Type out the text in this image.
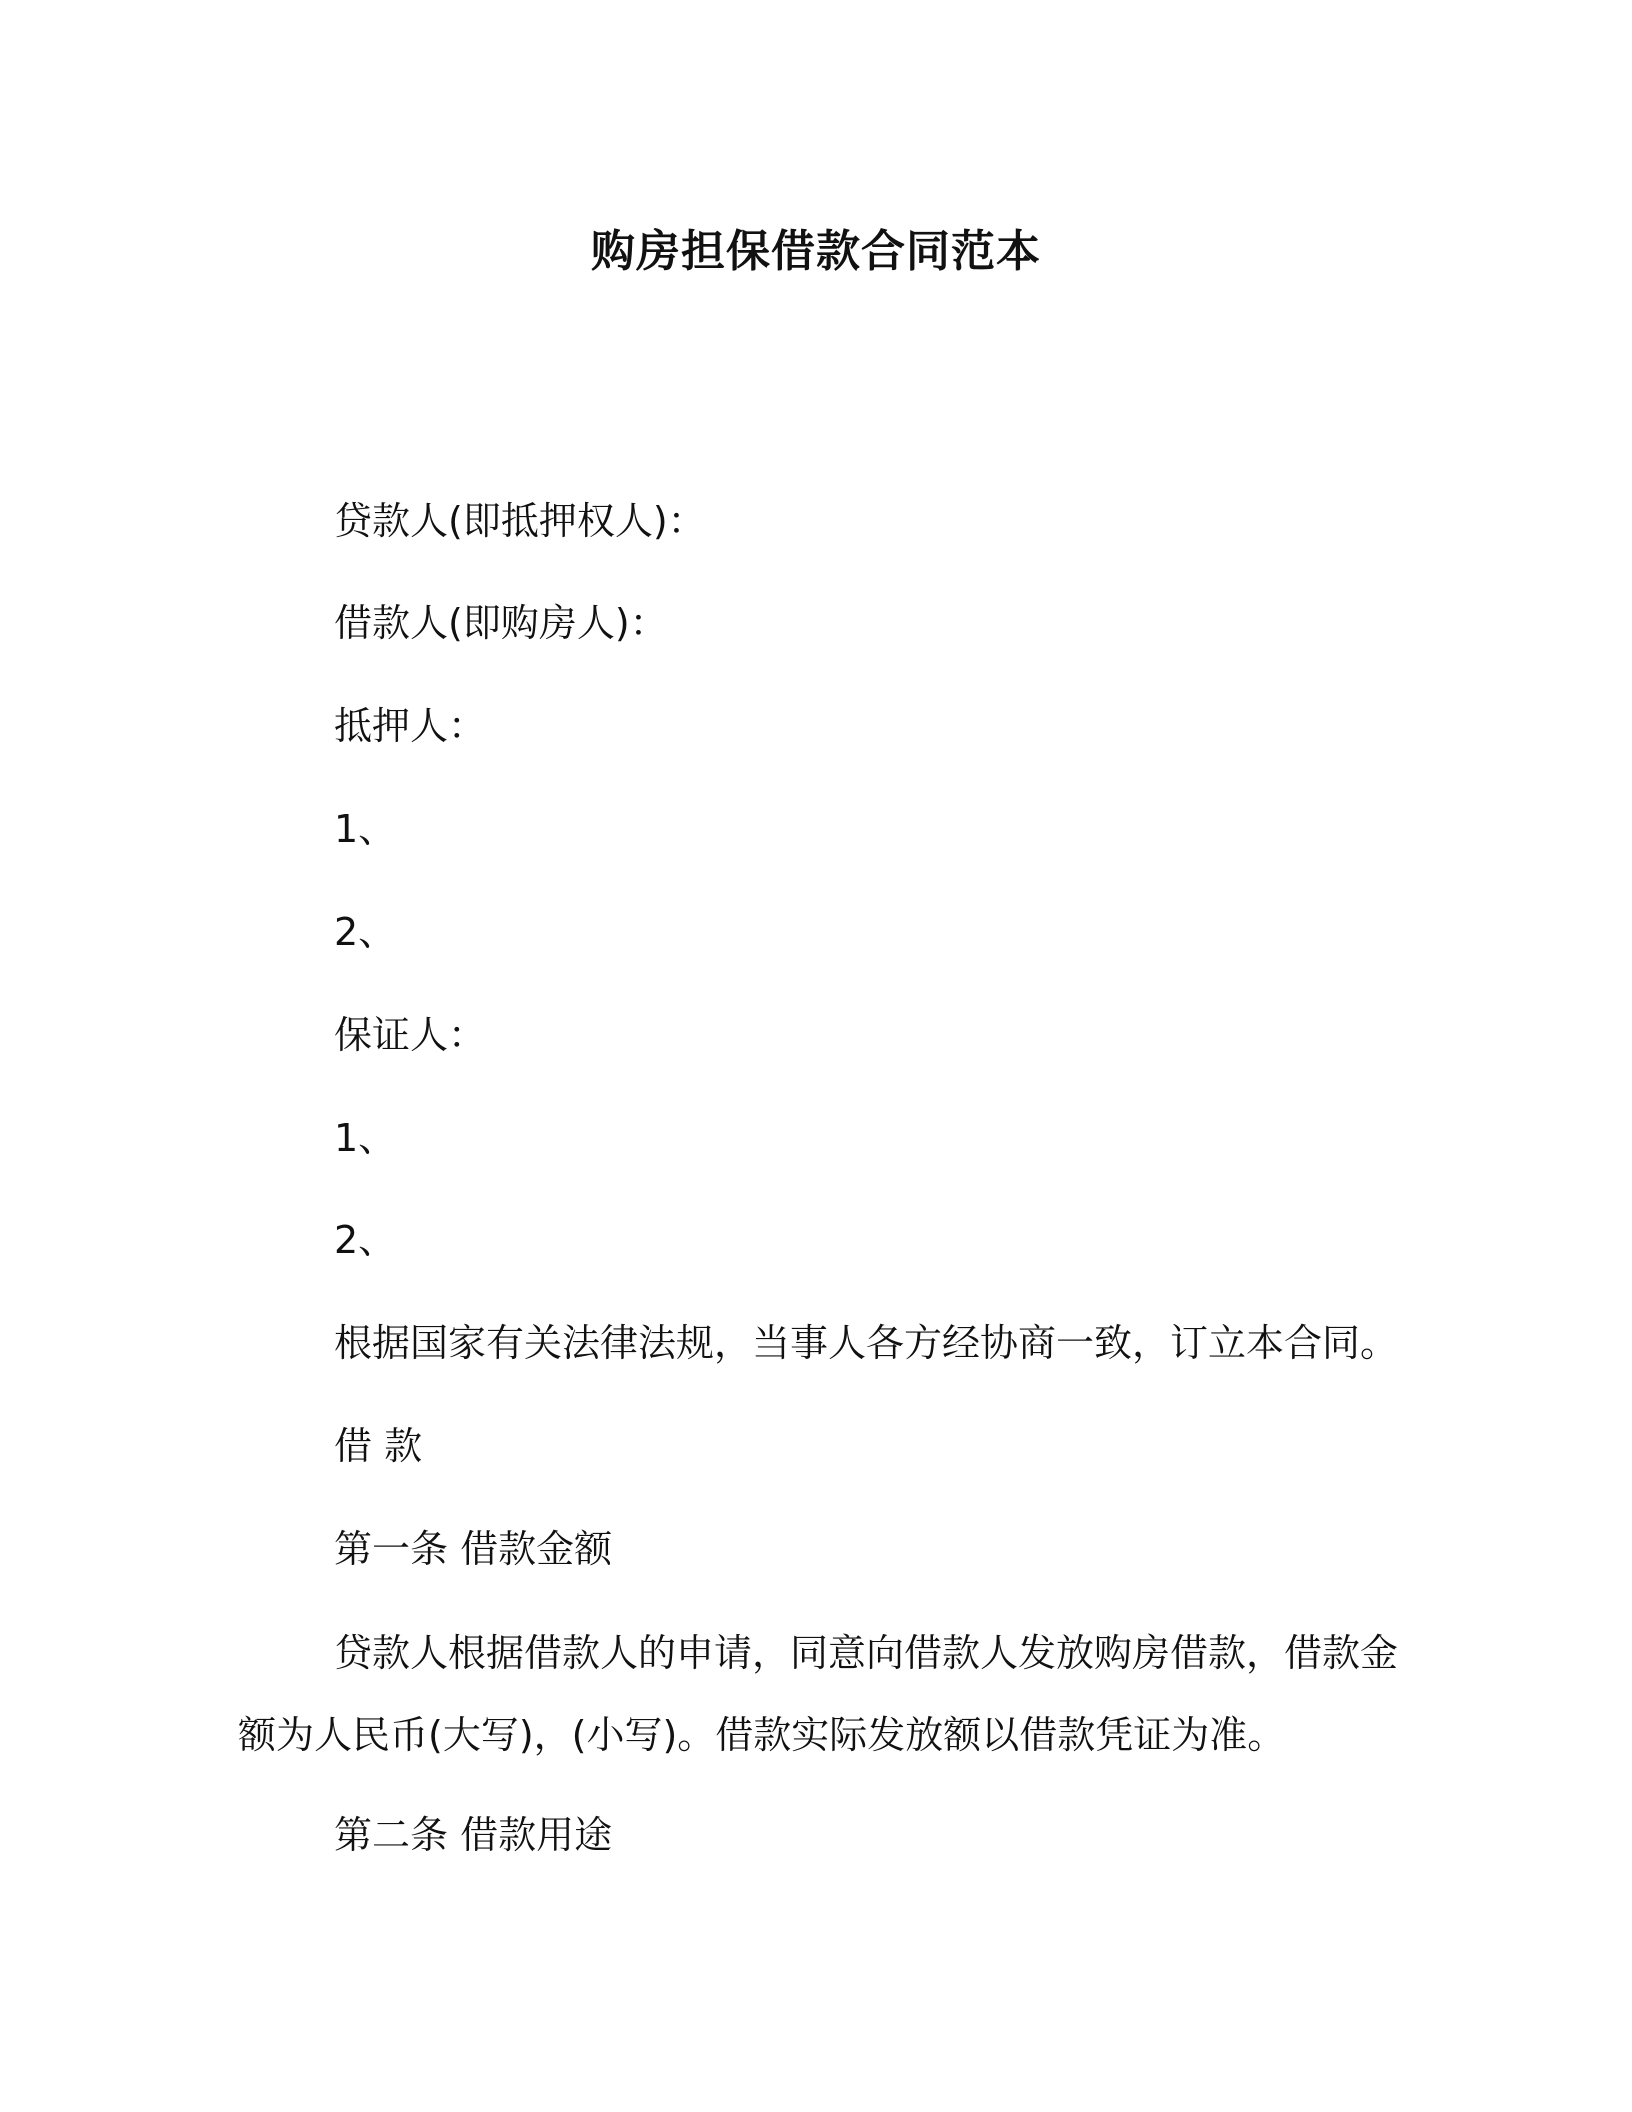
购房担保借款合同范本

贷款人(即抵押权人)：

借款人(即购房人)：

抵押人：

1、

2、

保证人：

1、

2、

根据国家有关法律法规，当事人各方经协商一致，订立本合同。

借 款

第一条 借款金额

贷款人根据借款人的申请，同意向借款人发放购房借款，借款金
额为人民币(大写)，(小写)。借款实际发放额以借款凭证为准。

第二条 借款用途
